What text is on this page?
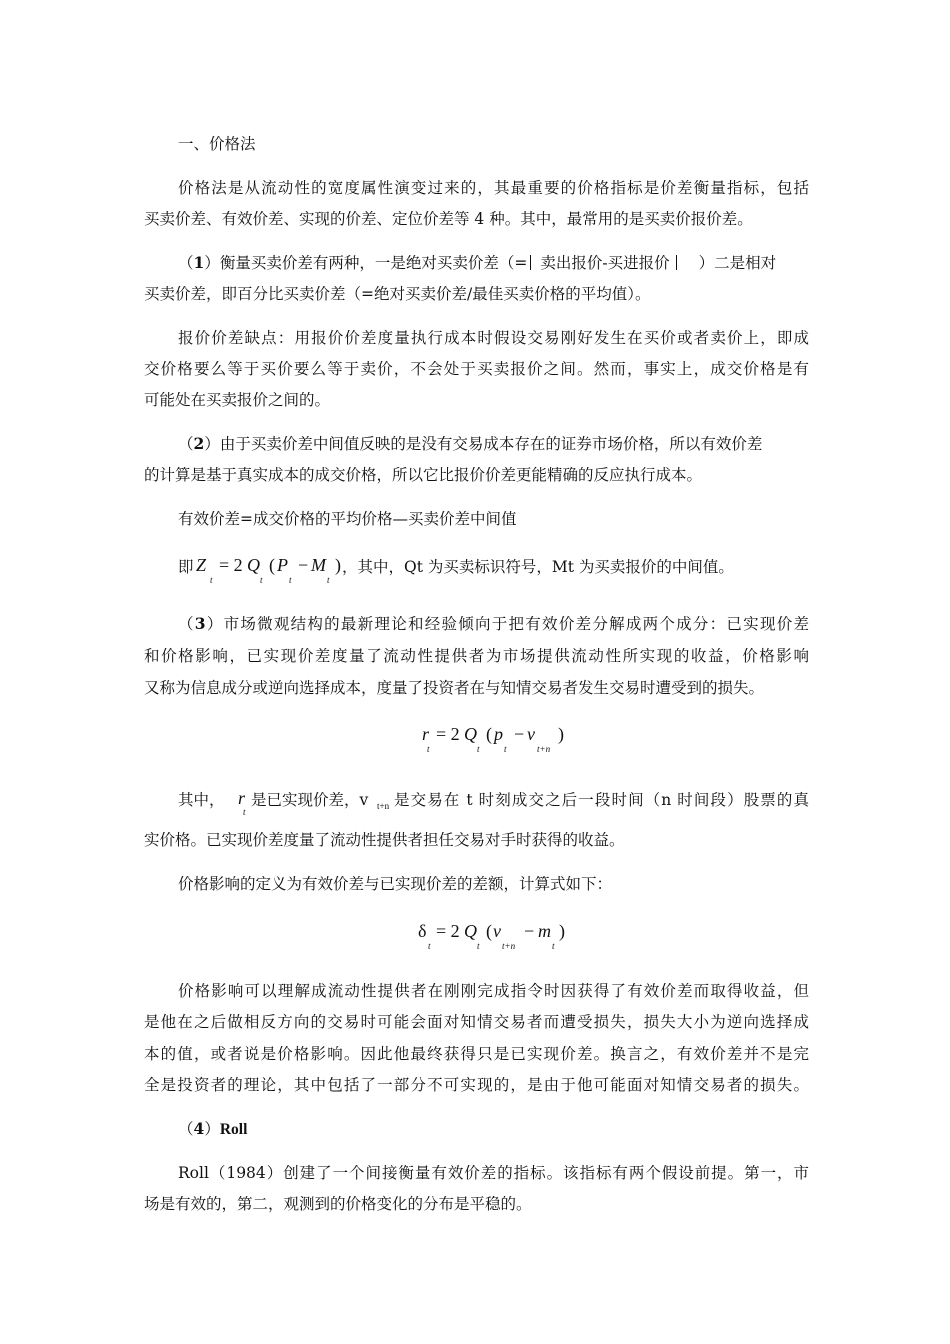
一、价格法
价格法是从流动性的宽度属性演变过来的，其最重要的价格指标是价差衡量指标，包括
买卖价差、有效价差、实现的价差、定位价差等 4 种。其中，最常用的是买卖价报价差。
（1）衡量买卖价差有两种，一是绝对买卖价差（= 卖出报价-买进报价 ）二是相对
买卖价差，即百分比买卖价差（=绝对买卖价差/最佳买卖价格的平均值）。
报价价差缺点：用报价价差度量执行成本时假设交易刚好发生在买价或者卖价上，即成
交价格要么等于买价要么等于卖价，不会处于买卖报价之间。然而，事实上，成交价格是有
可能处在买卖报价之间的。
（2）由于买卖价差中间值反映的是没有交易成本存在的证券市场价格，所以有效价差
的计算是基于真实成本的成交价格，所以它比报价价差更能精确的反应执行成本。
有效价差=成交价格的平均价格—买卖价差中间值
即 Z
t
= 2 Q
t
( P
t
− M
t
) ，其中，Qt 为买卖标识符号，Mt 为买卖报价的中间值。
（3）市场微观结构的最新理论和经验倾向于把有效价差分解成两个成分：已实现价差
和价格影响，已实现价差度量了流动性提供者为市场提供流动性所实现的收益，价格影响
又称为信息成分或逆向选择成本，度量了投资者在与知情交易者发生交易时遭受到的损失。
r
t
= 2 Q
t
( p
t
− v
t+n
)
其中， r
t
是已实现价差，v t+n 是交易在 t 时刻成交之后一段时间（n 时间段）股票的真
实价格。已实现价差度量了流动性提供者担任交易对手时获得的收益。
价格影响的定义为有效价差与已实现价差的差额，计算式如下：
δ
t
= 2 Q
t
( v
t+n
− m
t
)
价格影响可以理解成流动性提供者在刚刚完成指令时因获得了有效价差而取得收益，但
是他在之后做相反方向的交易时可能会面对知情交易者而遭受损失，损失大小为逆向选择成
本的值，或者说是价格影响。因此他最终获得只是已实现价差。换言之，有效价差并不是完
全是投资者的理论，其中包括了一部分不可实现的，是由于他可能面对知情交易者的损失。
（4）Roll
Roll（1984）创建了一个间接衡量有效价差的指标。该指标有两个假设前提。第一，市
场是有效的，第二，观测到的价格变化的分布是平稳的。
